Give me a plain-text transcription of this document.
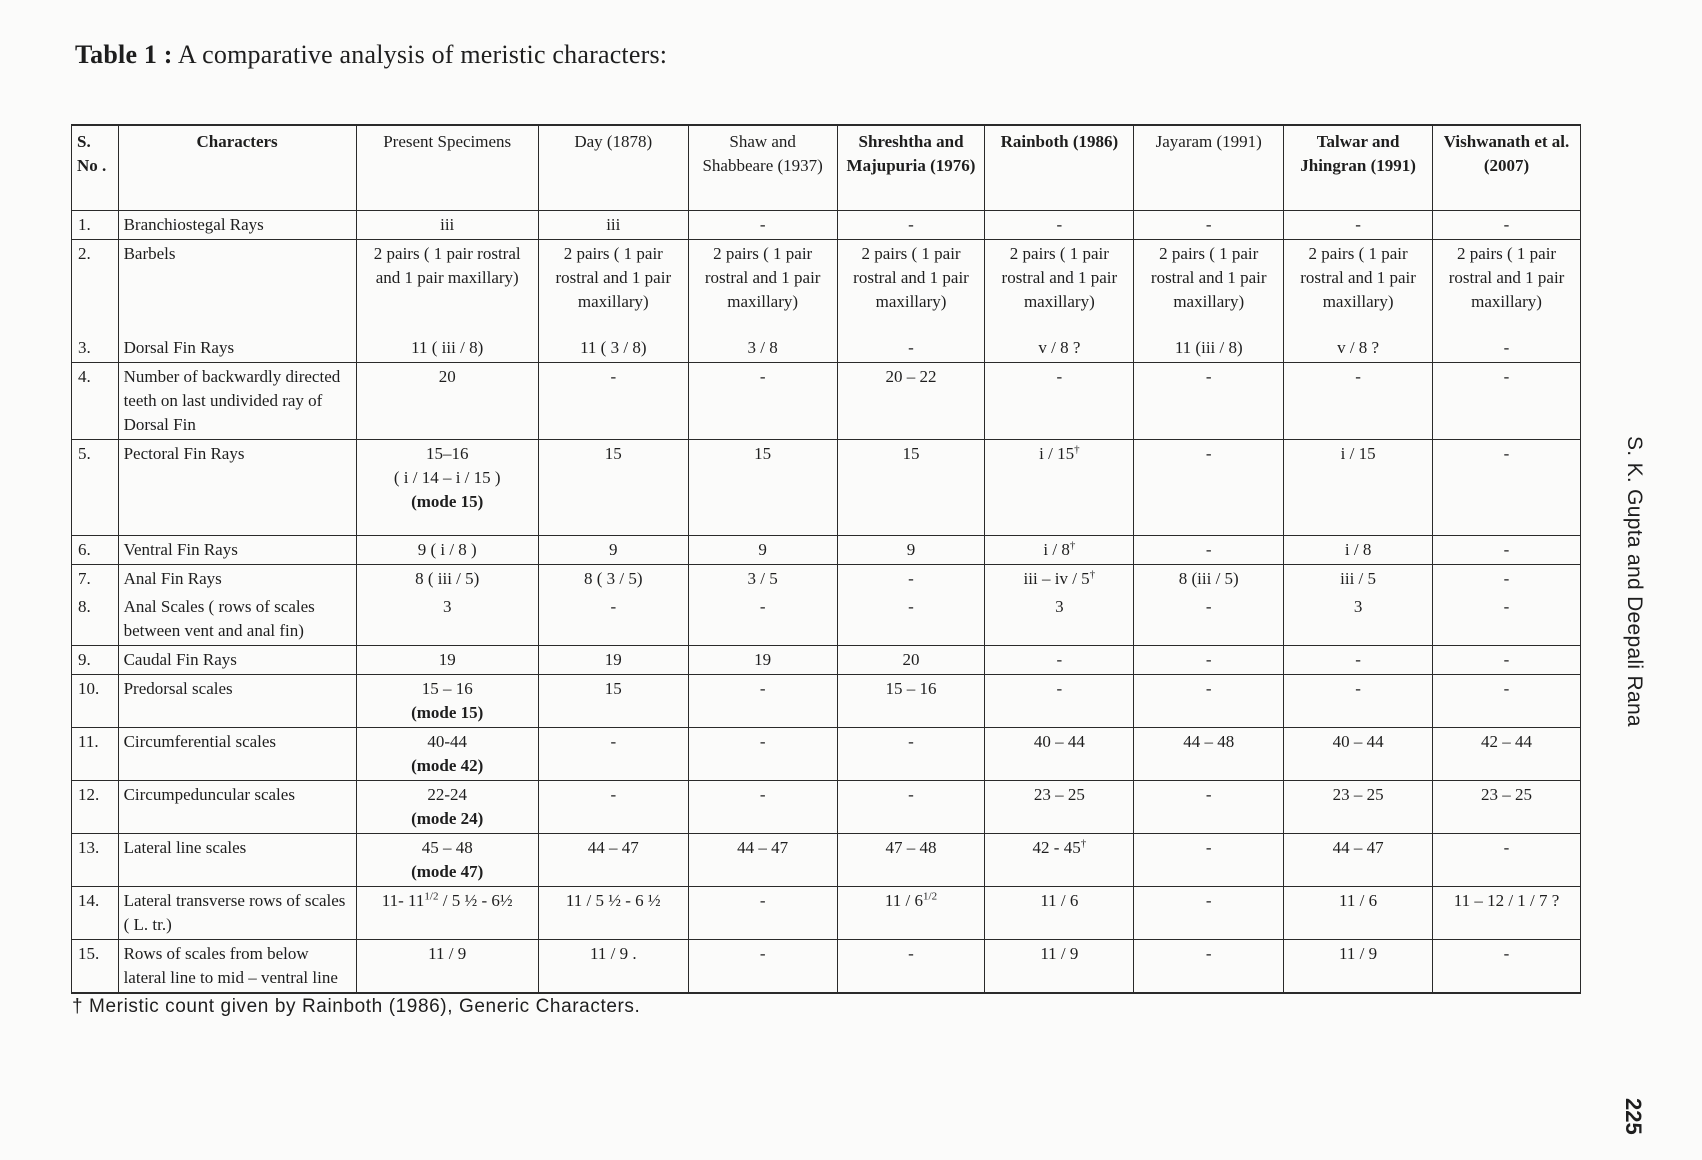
Table 1 : A comparative analysis of meristic characters:
S. No .	Characters	Present Specimens	Day (1878)	Shaw and Shabbeare (1937)	Shreshtha and Majupuria (1976)	Rainboth (1986)	Jayaram (1991)	Talwar and Jhingran (1991)	Vishwanath et al. (2007)
1.	Branchiostegal Rays	iii	iii	-	-	-	-	-	-
2.	Barbels	2 pairs ( 1 pair rostral and 1 pair maxillary)	2 pairs ( 1 pair rostral and 1 pair maxillary)	2 pairs ( 1 pair rostral and 1 pair maxillary)	2 pairs ( 1 pair rostral and 1 pair maxillary)	2 pairs ( 1 pair rostral and 1 pair maxillary)	2 pairs ( 1 pair rostral and 1 pair maxillary)	2 pairs ( 1 pair rostral and 1 pair maxillary)	2 pairs ( 1 pair rostral and 1 pair maxillary)
3.	Dorsal Fin Rays	11 ( iii / 8)	11 ( 3 / 8)	3 / 8	-	v / 8 ?	11 (iii / 8)	v / 8 ?	-
4.	Number of backwardly directed teeth on last undivided ray of Dorsal Fin	20	-	-	20 – 22	-	-	-	-
5.	Pectoral Fin Rays	15–16
( i / 14 – i / 15 )
(mode 15)	15	15	15	i / 15†	-	i / 15	-
6.	Ventral Fin Rays	9 ( i / 8 )	9	9	9	i / 8†	-	i / 8	-
7.	Anal Fin Rays	8 ( iii / 5)	8 ( 3 / 5)	3 / 5	-	iii – iv / 5†	8 (iii / 5)	iii / 5	-
8.	Anal Scales ( rows of scales between vent and anal fin)	3	-	-	-	3	-	3	-
9.	Caudal Fin Rays	19	19	19	20	-	-	-	-
10.	Predorsal scales	15 – 16
(mode 15)	15	-	15 – 16	-	-	-	-
11.	Circumferential scales	40-44
(mode 42)	-	-	-	40 – 44	44 – 48	40 – 44	42 – 44
12.	Circumpeduncular scales	22-24
(mode 24)	-	-	-	23 – 25	-	23 – 25	23 – 25
13.	Lateral line scales	45 – 48
(mode 47)	44 – 47	44 – 47	47 – 48	42 - 45†	-	44 – 47	-
14.	Lateral transverse rows of scales ( L. tr.)	11- $11^{1/2} / 5$ ½ - 6½	11 / 5 ½ - 6 ½	-	$11 / 6^{1/2}$	11 / 6	-	11 / 6	11 – 12 / 1 / 7 ?
15.	Rows of scales from below lateral line to mid – ventral line	11 / 9	11 / 9 .	-	-	11 / 9	-	11 / 9	-
† Meristic count given by Rainboth (1986), Generic Characters.
S. K. Gupta and Deepali Rana
225
